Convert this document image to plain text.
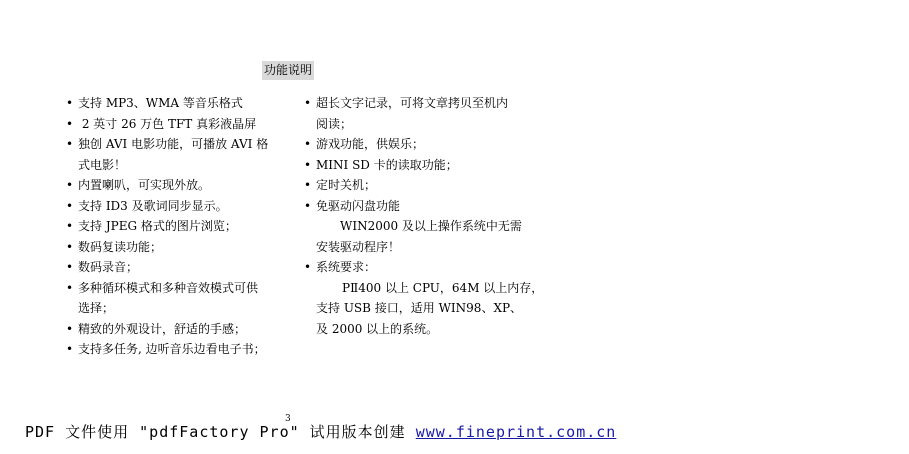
功能说明
• 支持 MP3、WMA 等音乐格式
• 2 英寸 26 万色 TFT 真彩液晶屏
• 独创 AVI 电影功能，可播放 AVI 格
式电影！
• 内置喇叭，可实现外放。
• 支持 ID3 及歌词同步显示。
• 支持 JPEG 格式的图片浏览；
• 数码复读功能；
• 数码录音；
• 多种循环模式和多种音效模式可供
选择；
• 精致的外观设计，舒适的手感；
• 支持多任务, 边听音乐边看电子书；
• 超长文字记录，可将文章拷贝至机内
阅读；
• 游戏功能，供娱乐；
• MINI SD 卡的读取功能；
• 定时关机；
• 免驱动闪盘功能
WIN2000 及以上操作系统中无需
安装驱动程序！
• 系统要求：
PⅡ400 以上 CPU，64M 以上内存，
支持 USB 接口，适用 WIN98、XP、
及 2000 以上的系统。
3
PDF 文件使用 "pdfFactory Pro" 试用版本创建 www.fineprint.com.cn
